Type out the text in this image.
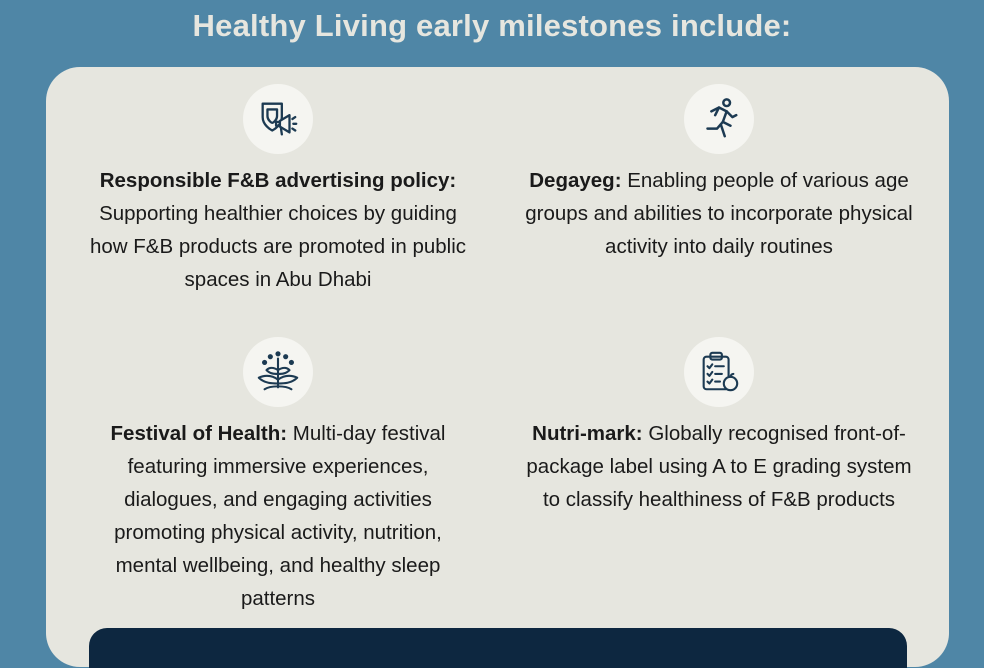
Healthy Living early milestones include:

Responsible F&B advertising policy: Supporting healthier choices by guiding how F&B products are promoted in public spaces in Abu Dhabi

Degayeg: Enabling people of various age groups and abilities to incorporate physical activity into daily routines

Festival of Health: Multi-day festival featuring immersive experiences, dialogues, and engaging activities promoting physical activity, nutrition, mental wellbeing, and healthy sleep patterns

Nutri-mark: Globally recognised front-of-package label using A to E grading system to classify healthiness of F&B products
